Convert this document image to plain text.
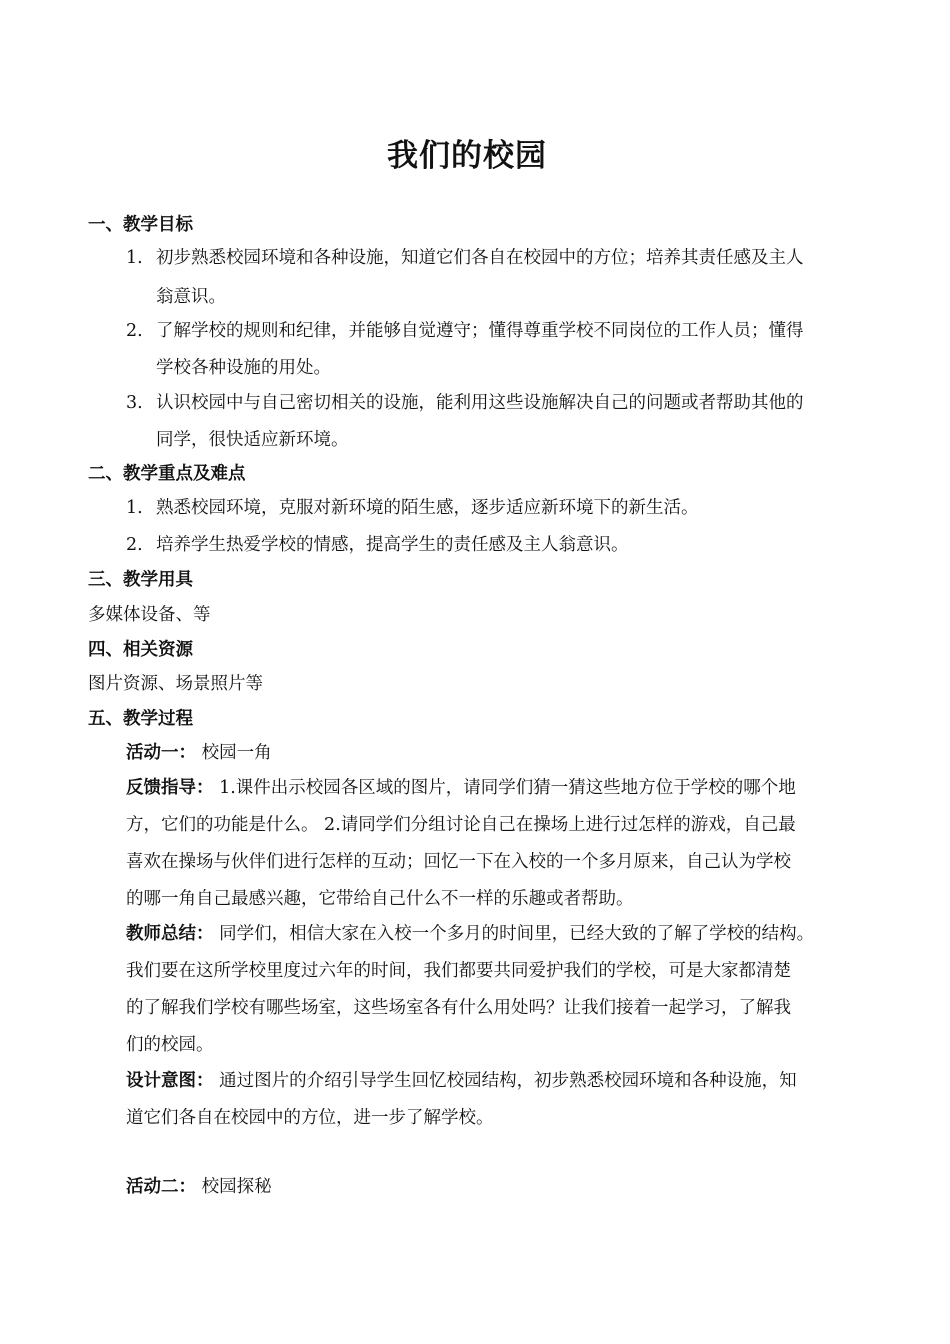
我们的校园
一、教学目标
1. 初步熟悉校园环境和各种设施，知道它们各自在校园中的方位；培养其责任感及主人
翁意识。
2. 了解学校的规则和纪律，并能够自觉遵守；懂得尊重学校不同岗位的工作人员；懂得
学校各种设施的用处。
3. 认识校园中与自己密切相关的设施，能利用这些设施解决自己的问题或者帮助其他的
同学，很快适应新环境。
二、教学重点及难点
1. 熟悉校园环境，克服对新环境的陌生感，逐步适应新环境下的新生活。
2. 培养学生热爱学校的情感，提高学生的责任感及主人翁意识。
三、教学用具
多媒体设备、等
四、相关资源
图片资源、场景照片等
五、教学过程
活动一： 校园一角
反馈指导： 1.课件出示校园各区域的图片，请同学们猜一猜这些地方位于学校的哪个地
方，它们的功能是什么。 2.请同学们分组讨论自己在操场上进行过怎样的游戏，自己最
喜欢在操场与伙伴们进行怎样的互动；回忆一下在入校的一个多月原来，自己认为学校
的哪一角自己最感兴趣，它带给自己什么不一样的乐趣或者帮助。
教师总结： 同学们，相信大家在入校一个多月的时间里，已经大致的了解了学校的结构。
我们要在这所学校里度过六年的时间，我们都要共同爱护我们的学校，可是大家都清楚
的了解我们学校有哪些场室，这些场室各有什么用处吗？让我们接着一起学习，了解我
们的校园。
设计意图： 通过图片的介绍引导学生回忆校园结构，初步熟悉校园环境和各种设施，知
道它们各自在校园中的方位，进一步了解学校。
活动二： 校园探秘
